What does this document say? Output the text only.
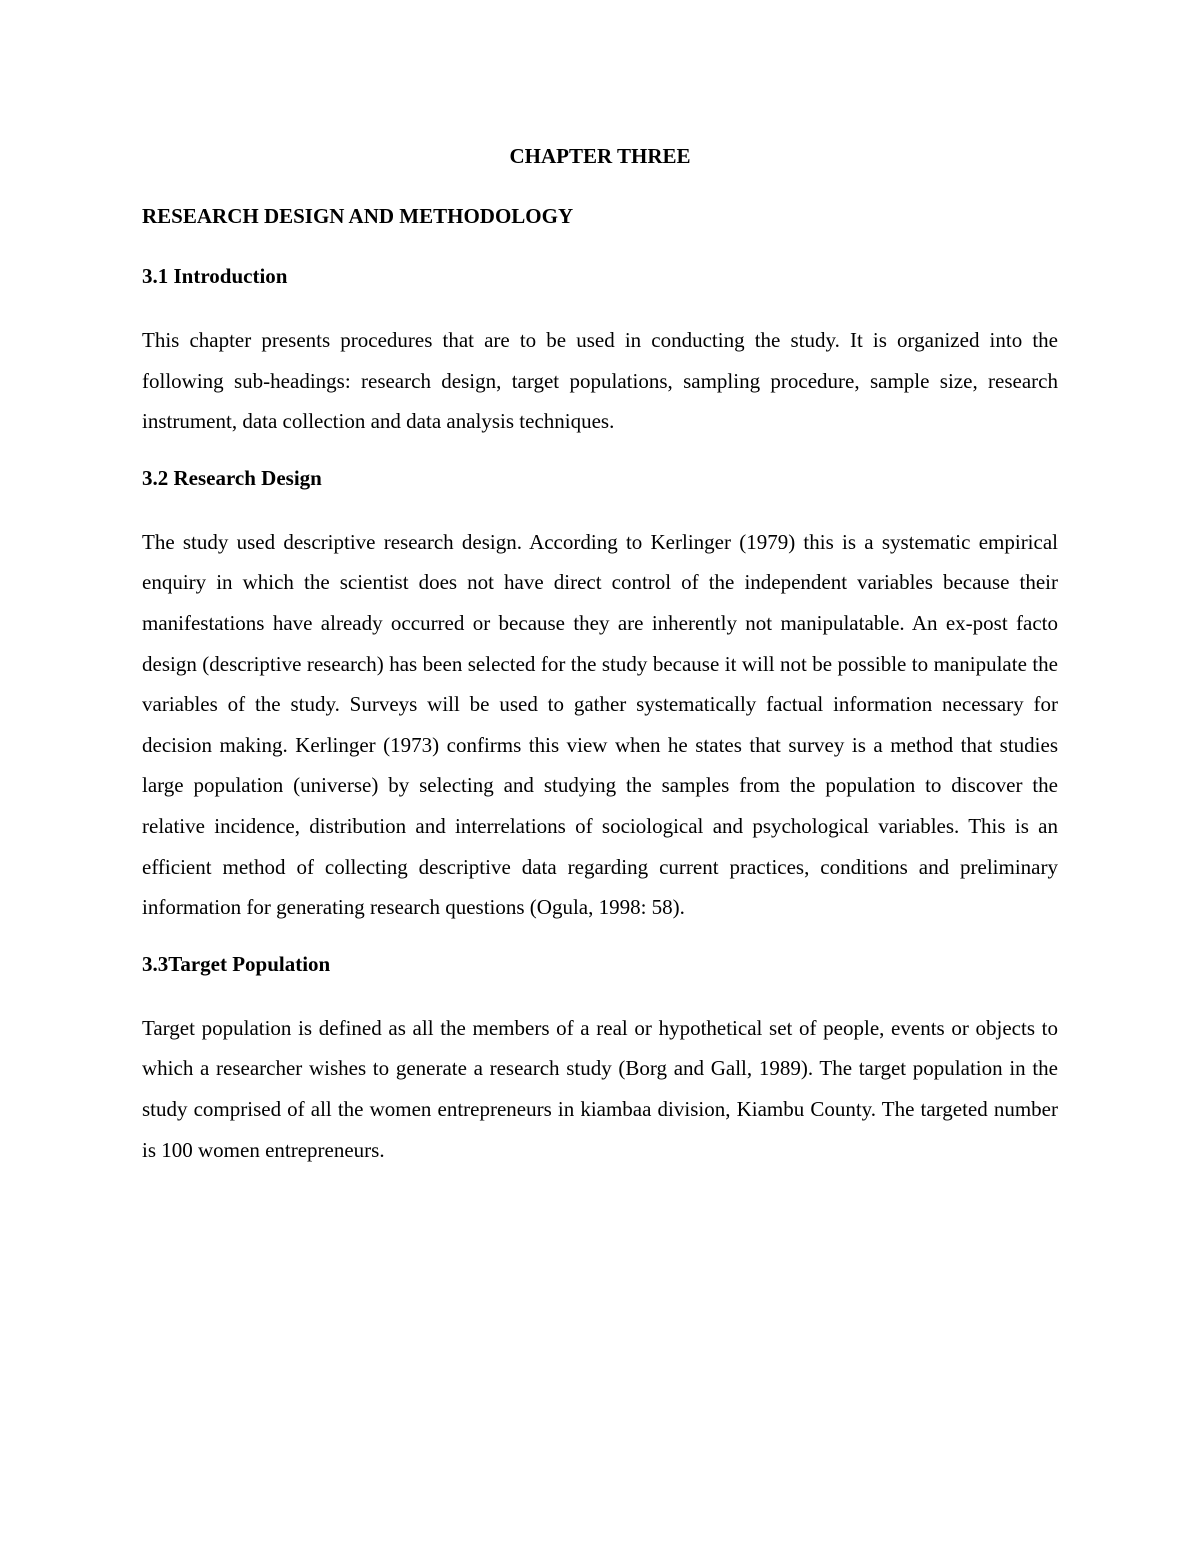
CHAPTER THREE
RESEARCH DESIGN AND METHODOLOGY
3.1 Introduction

This chapter presents procedures that are to be used in conducting the study. It is organized into the following sub-headings: research design, target populations, sampling procedure, sample size, research instrument, data collection and data analysis techniques.

3.2 Research Design

The study used descriptive research design. According to Kerlinger (1979) this is a systematic empirical enquiry in which the scientist does not have direct control of the independent variables because their manifestations have already occurred or because they are inherently not manipulatable. An ex-post facto design (descriptive research) has been selected for the study because it will not be possible to manipulate the variables of the study. Surveys will be used to gather systematically factual information necessary for decision making. Kerlinger (1973) confirms this view when he states that survey is a method that studies large population (universe) by selecting and studying the samples from the population to discover the relative incidence, distribution and interrelations of sociological and psychological variables. This is an efficient method of collecting descriptive data regarding current practices, conditions and preliminary information for generating research questions (Ogula, 1998: 58).

3.3Target Population

Target population is defined as all the members of a real or hypothetical set of people, events or objects to which a researcher wishes to generate a research study (Borg and Gall, 1989). The target population in the study comprised of all the women entrepreneurs in kiambaa division, Kiambu County. The targeted number is 100 women entrepreneurs.
